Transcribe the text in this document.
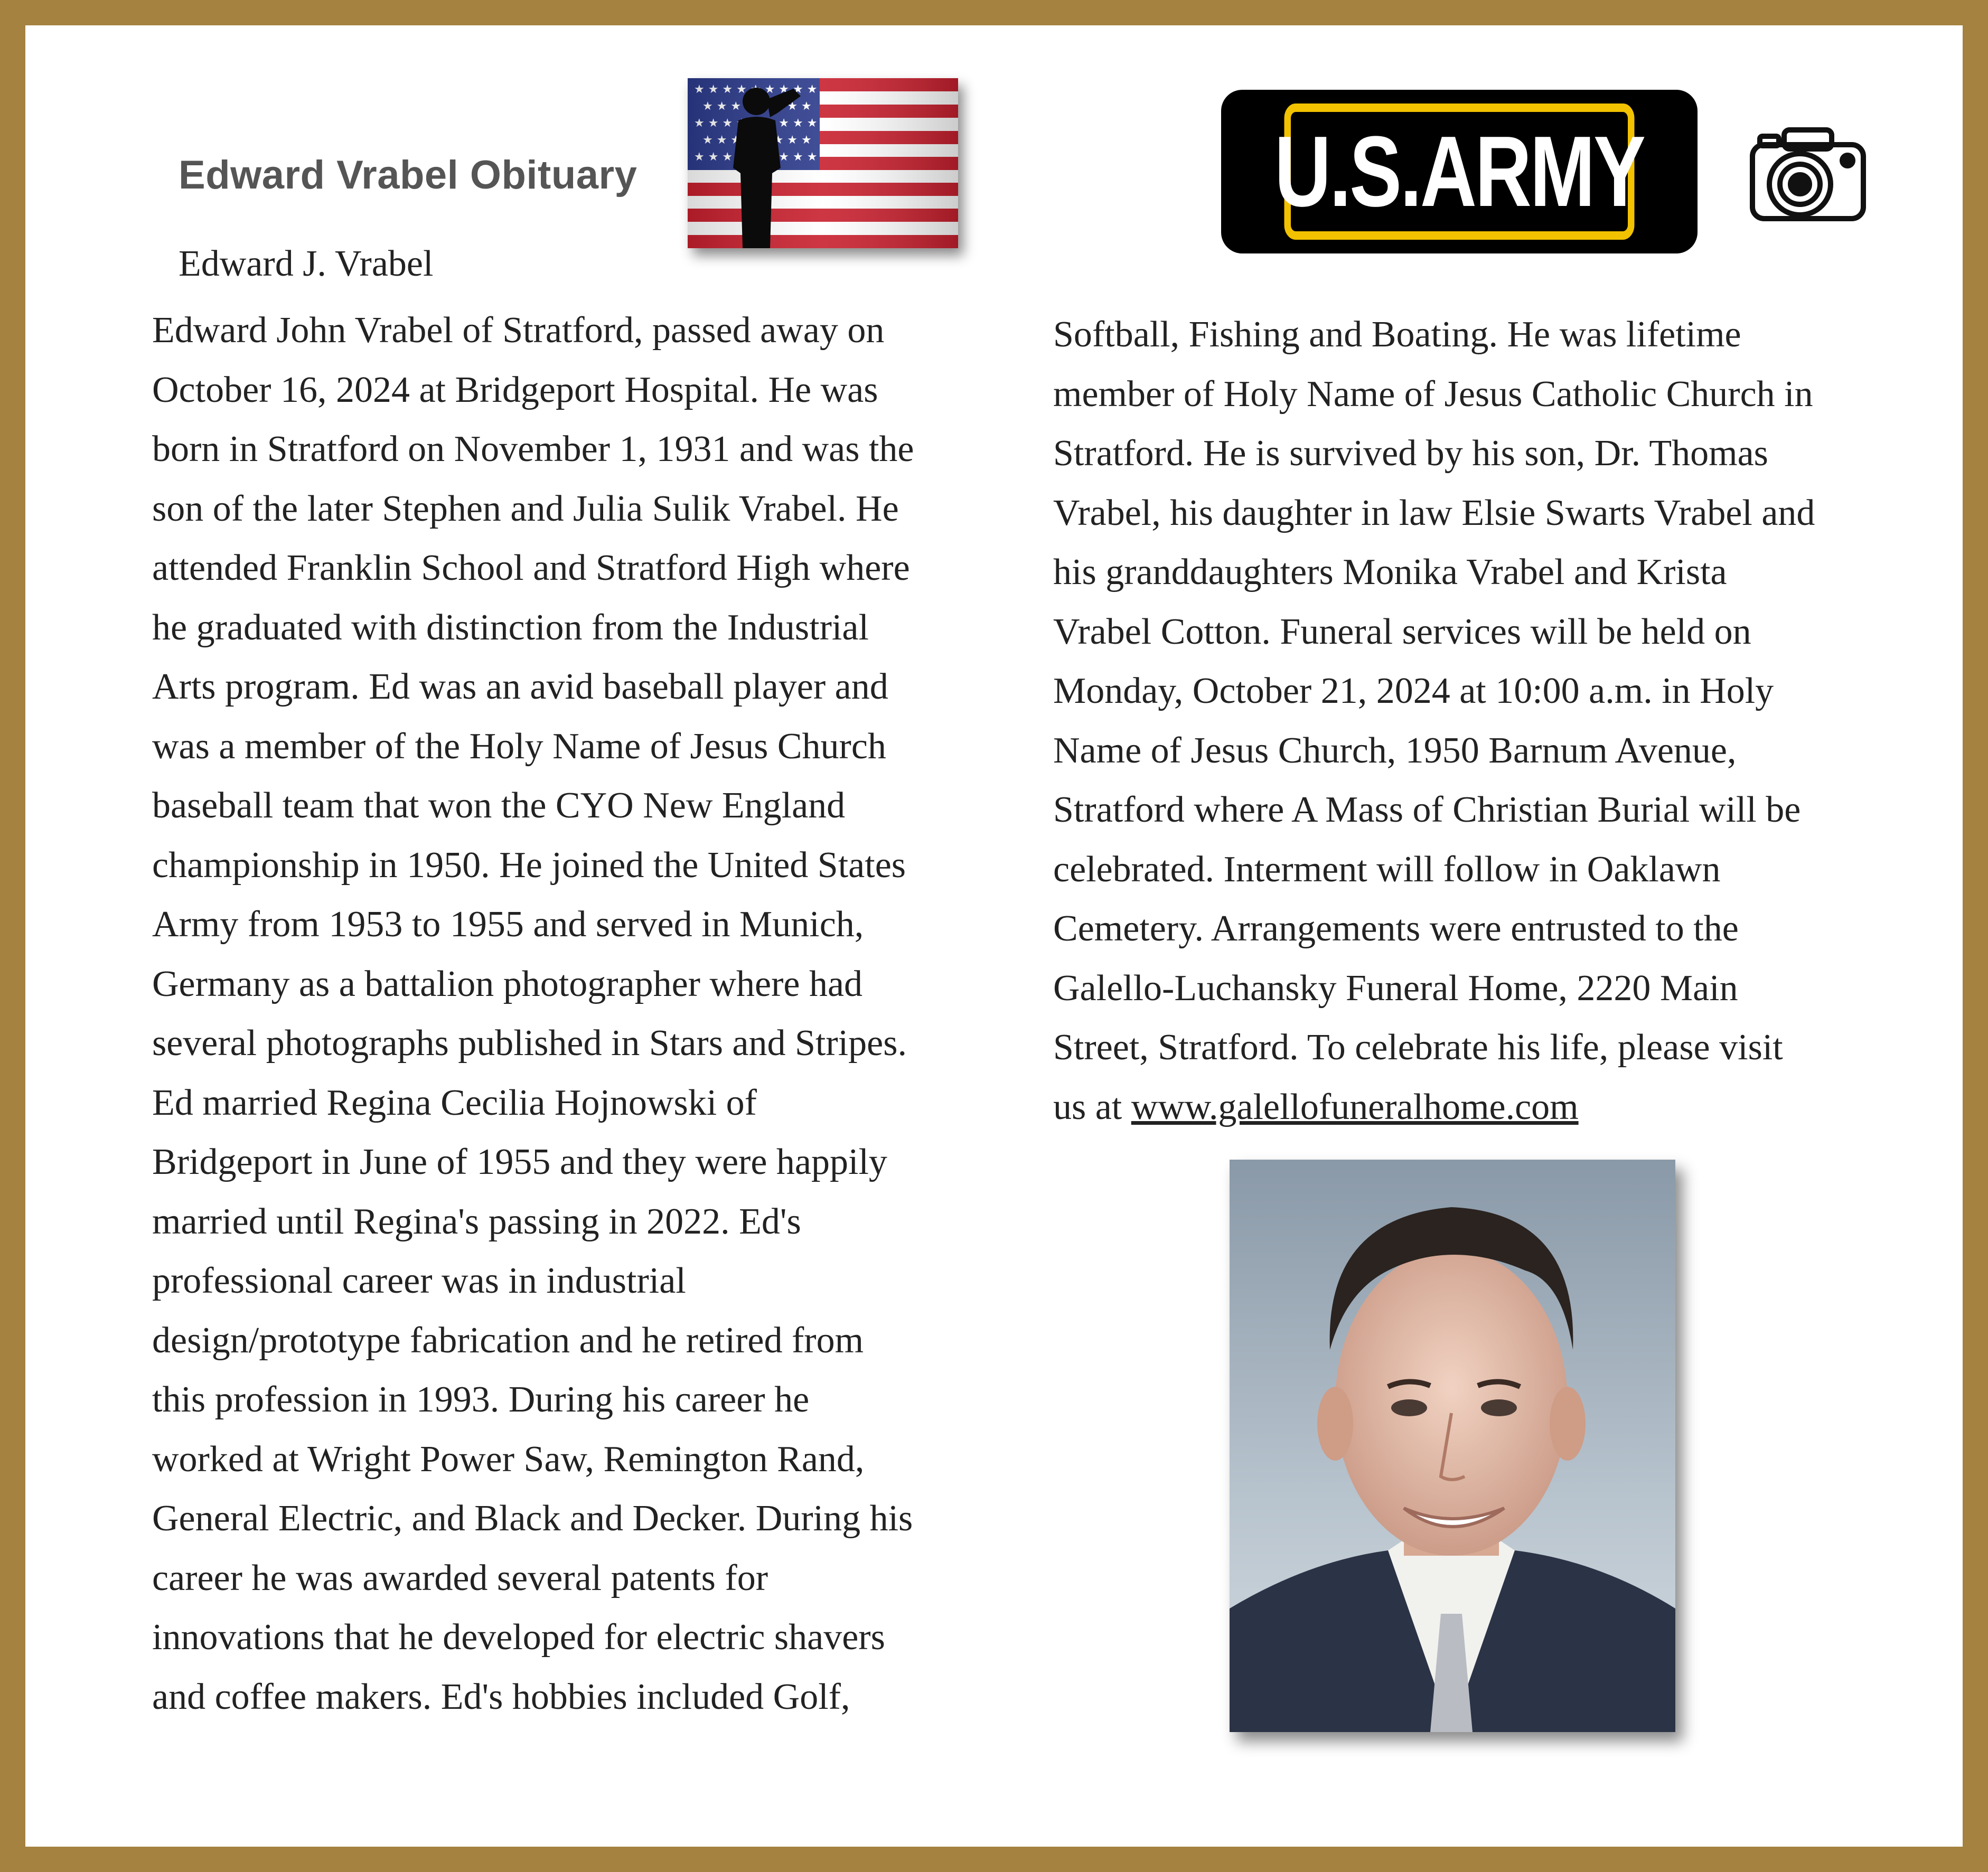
Edward Vrabel Obituary
Edward J. Vrabel
U.S.ARMY
Edward John Vrabel of Stratford, passed away on
October 16, 2024 at Bridgeport Hospital. He was
born in Stratford on November 1, 1931 and was the
son of the later Stephen and Julia Sulik Vrabel. He
attended Franklin School and Stratford High where
he graduated with distinction from the Industrial
Arts program. Ed was an avid baseball player and
was a member of the Holy Name of Jesus Church
baseball team that won the CYO New England
championship in 1950. He joined the United States
Army from 1953 to 1955 and served in Munich,
Germany as a battalion photographer where had
several photographs published in Stars and Stripes.
Ed married Regina Cecilia Hojnowski of
Bridgeport in June of 1955 and they were happily
married until Regina's passing in 2022. Ed's
professional career was in industrial
design/prototype fabrication and he retired from
this profession in 1993. During his career he
worked at Wright Power Saw, Remington Rand,
General Electric, and Black and Decker. During his
career he was awarded several patents for
innovations that he developed for electric shavers
and coffee makers. Ed's hobbies included Golf,
Softball, Fishing and Boating. He was lifetime
member of Holy Name of Jesus Catholic Church in
Stratford. He is survived by his son, Dr. Thomas
Vrabel, his daughter in law Elsie Swarts Vrabel and
his granddaughters Monika Vrabel and Krista
Vrabel Cotton. Funeral services will be held on
Monday, October 21, 2024 at 10:00 a.m. in Holy
Name of Jesus Church, 1950 Barnum Avenue,
Stratford where A Mass of Christian Burial will be
celebrated. Interment will follow in Oaklawn
Cemetery. Arrangements were entrusted to the
Galello-Luchansky Funeral Home, 2220 Main
Street, Stratford. To celebrate his life, please visit
us at www.galellofuneralhome.com
